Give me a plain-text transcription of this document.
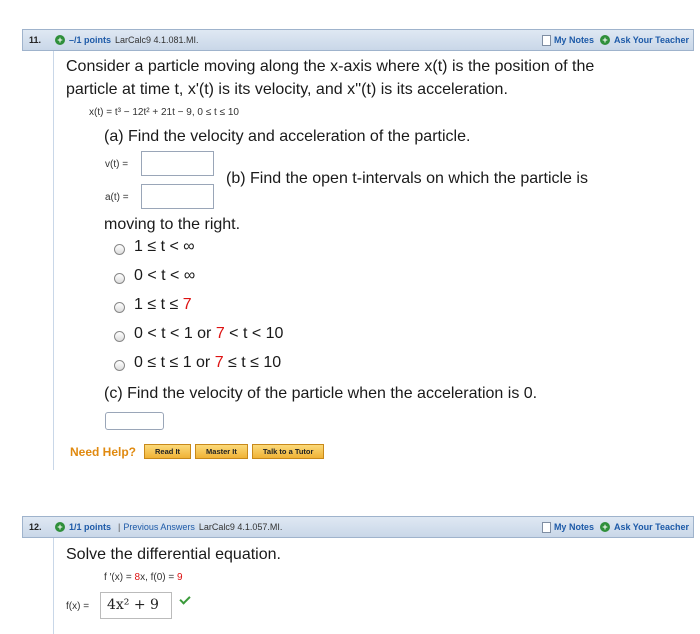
11.	+ –/1 points LarCalc9 4.1.081.MI.	My Notes + Ask Your Teacher
Consider a particle moving along the x-axis where x(t) is the position of the
particle at time t, x'(t) is its velocity, and x''(t) is its acceleration.
x(t) = t³ − 12t² + 21t − 9, 0 ≤ t ≤ 10
(a) Find the velocity and acceleration of the particle.
v(t) =
a(t) =
(b) Find the open t-intervals on which the particle is
moving to the right.
1 ≤ t < ∞
0 < t < ∞
1 ≤ t ≤ 7
0 < t < 1 or 7 < t < 10
0 ≤ t ≤ 1 or 7 ≤ t ≤ 10
(c) Find the velocity of the particle when the acceleration is 0.
Need Help?	Read It	Master It	Talk to a Tutor
12.	+ 1/1 points | Previous Answers LarCalc9 4.1.057.MI.	My Notes + Ask Your Teacher
Solve the differential equation.
f ′(x) = 8x, f(0) = 9
f(x) =	4x² + 9
